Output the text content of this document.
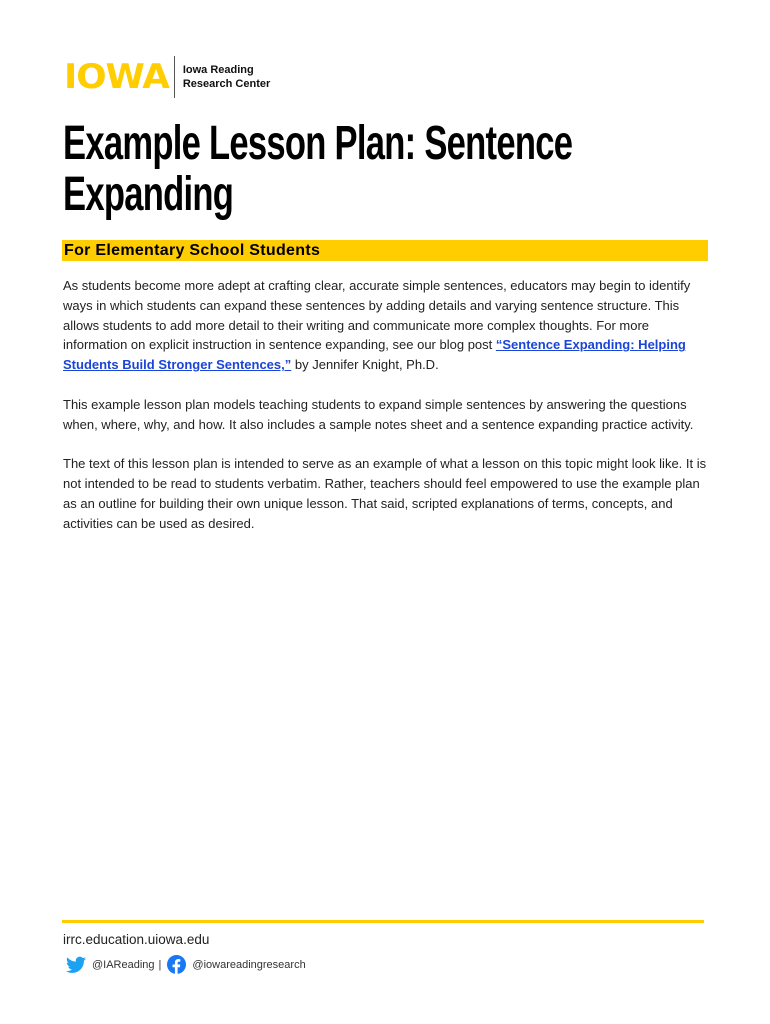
IOWA Iowa Reading
Research Center
Example Lesson Plan: Sentence Expanding
For Elementary School Students

As students become more adept at crafting clear, accurate simple sentences, educators may begin to identify ways in which students can expand these sentences by adding details and varying sentence structure. This allows students to add more detail to their writing and communicate more complex thoughts. For more information on explicit instruction in sentence expanding, see our blog post “Sentence Expanding: Helping Students Build Stronger Sentences,” by Jennifer Knight, Ph.D.

This example lesson plan models teaching students to expand simple sentences by answering the questions when, where, why, and how. It also includes a sample notes sheet and a sentence expanding practice activity.

The text of this lesson plan is intended to serve as an example of what a lesson on this topic might look like. It is not intended to be read to students verbatim. Rather, teachers should feel empowered to use the example plan as an outline for building their own unique lesson. That said, scripted explanations of terms, concepts, and activities can be used as desired.

irrc.education.uiowa.edu
@IAReading |	@iowareadingresearch
